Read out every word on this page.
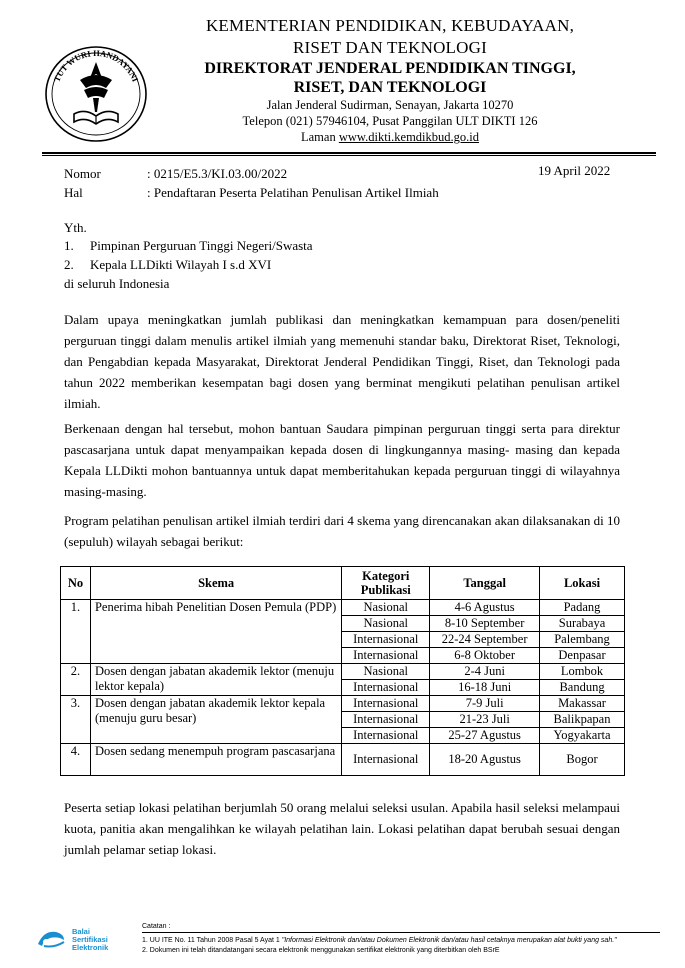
TUT WURI HANDAYANI
KEMENTERIAN PENDIDIKAN, KEBUDAYAAN,
RISET DAN TEKNOLOGI
DIREKTORAT JENDERAL PENDIDIKAN TINGGI,
RISET, DAN TEKNOLOGI
Jalan Jenderal Sudirman, Senayan, Jakarta 10270
Telepon (021) 57946104, Pusat Panggilan ULT DIKTI 126
Laman www.dikti.kemdikbud.go.id
Nomor	: 0215/E5.3/KI.03.00/2022	19 April 2022
Hal	: Pendaftaran Peserta Pelatihan Penulisan Artikel Ilmiah
Yth.
1. Pimpinan Perguruan Tinggi Negeri/Swasta
2. Kepala LLDikti Wilayah I s.d XVI
di seluruh Indonesia
Dalam upaya meningkatkan jumlah publikasi dan meningkatkan kemampuan para dosen/peneliti perguruan tinggi dalam menulis artikel ilmiah yang memenuhi standar baku, Direktorat Riset, Teknologi, dan Pengabdian kepada Masyarakat, Direktorat Jenderal Pendidikan Tinggi, Riset, dan Teknologi pada tahun 2022 memberikan kesempatan bagi dosen yang berminat mengikuti pelatihan penulisan artikel ilmiah.
Berkenaan dengan hal tersebut, mohon bantuan Saudara pimpinan perguruan tinggi serta para direktur pascasarjana untuk dapat menyampaikan kepada dosen di lingkungannya masing- masing dan kepada Kepala LLDikti mohon bantuannya untuk dapat memberitahukan kepada perguruan tinggi di wilayahnya masing-masing.
Program pelatihan penulisan artikel ilmiah terdiri dari 4 skema yang direncanakan akan dilaksanakan di 10 (sepuluh) wilayah sebagai berikut:
No	Skema	Kategori Publikasi	Tanggal	Lokasi
1.	Penerima hibah Penelitian Dosen Pemula (PDP)	Nasional	4-6 Agustus	Padang
		Nasional	8-10 September	Surabaya
		Internasional	22-24 September	Palembang
		Internasional	6-8 Oktober	Denpasar
2.	Dosen dengan jabatan akademik lektor (menuju lektor kepala)	Nasional	2-4 Juni	Lombok
		Internasional	16-18 Juni	Bandung
3.	Dosen dengan jabatan akademik lektor kepala (menuju guru besar)	Internasional	7-9 Juli	Makassar
		Internasional	21-23 Juli	Balikpapan
		Internasional	25-27 Agustus	Yogyakarta
4.	Dosen sedang menempuh program pascasarjana	Internasional	18-20 Agustus	Bogor
Peserta setiap lokasi pelatihan berjumlah 50 orang melalui seleksi usulan. Apabila hasil seleksi melampaui kuota, panitia akan mengalihkan ke wilayah pelatihan lain. Lokasi pelatihan dapat berubah sesuai dengan jumlah pelamar setiap lokasi.
Balai
Sertifikasi
Elektronik
Catatan :
1. UU ITE No. 11 Tahun 2008 Pasal 5 Ayat 1 "Informasi Elektronik dan/atau Dokumen Elektronik dan/atau hasil cetaknya merupakan alat bukti yang sah."
2. Dokumen ini telah ditandatangani secara elektronik menggunakan sertifikat elektronik yang diterbitkan oleh BSrE
